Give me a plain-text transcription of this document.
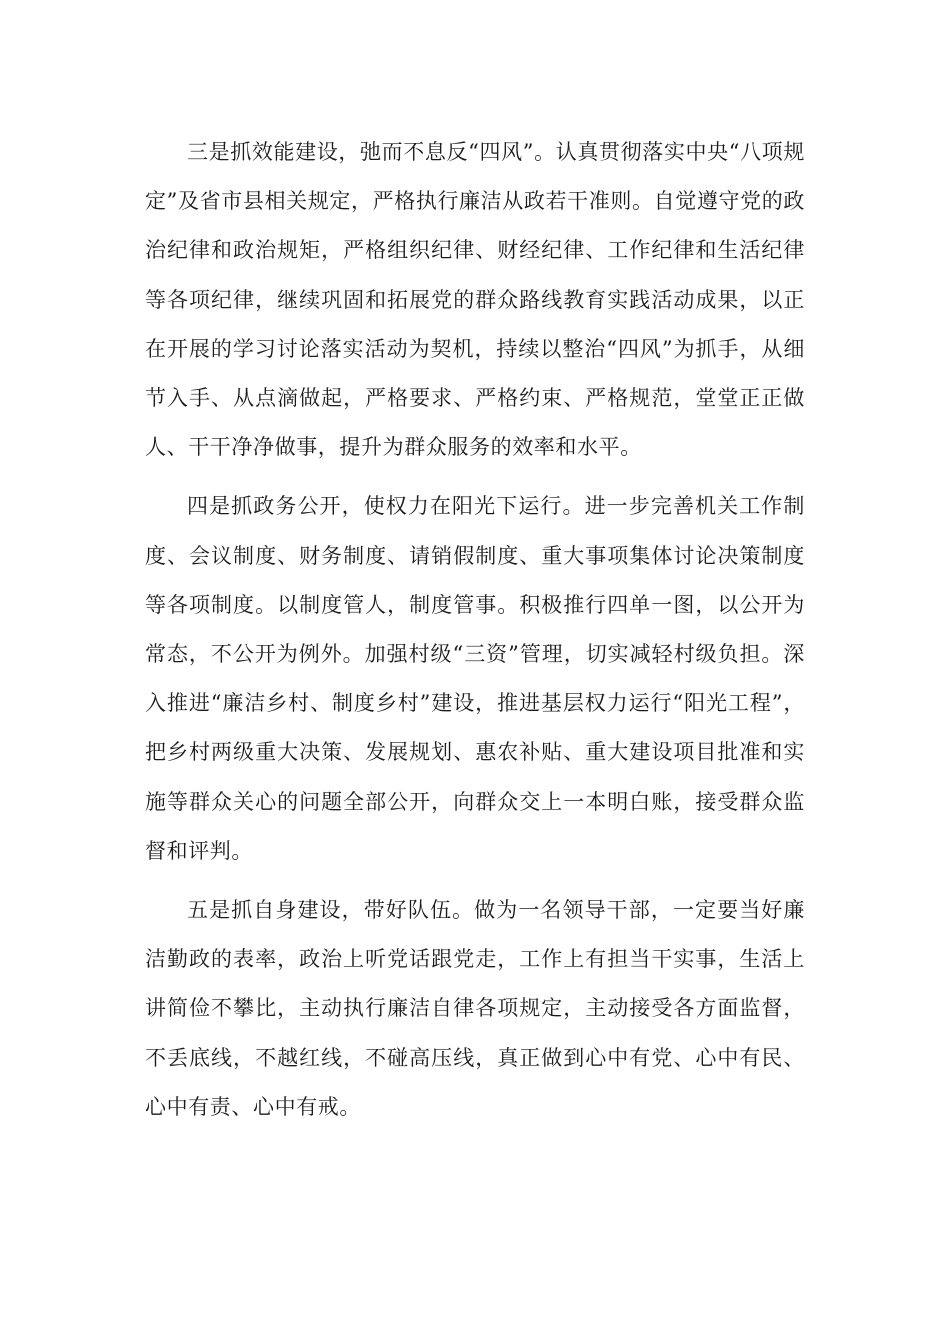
三是抓效能建设，弛而不息反“四风”。认真贯彻落实中央“八项规定”及省市县相关规定，严格执行廉洁从政若干准则。自觉遵守党的政治纪律和政治规矩，严格组织纪律、财经纪律、工作纪律和生活纪律等各项纪律，继续巩固和拓展党的群众路线教育实践活动成果，以正在开展的学习讨论落实活动为契机，持续以整治“四风”为抓手，从细节入手、从点滴做起，严格要求、严格约束、严格规范，堂堂正正做人、干干净净做事，提升为群众服务的效率和水平。

四是抓政务公开，使权力在阳光下运行。进一步完善机关工作制度、会议制度、财务制度、请销假制度、重大事项集体讨论决策制度等各项制度。以制度管人，制度管事。积极推行四单一图，以公开为常态，不公开为例外。加强村级“三资”管理，切实减轻村级负担。深入推进“廉洁乡村、制度乡村”建设，推进基层权力运行“阳光工程”，把乡村两级重大决策、发展规划、惠农补贴、重大建设项目批准和实施等群众关心的问题全部公开，向群众交上一本明白账，接受群众监督和评判。

五是抓自身建设，带好队伍。做为一名领导干部，一定要当好廉洁勤政的表率，政治上听党话跟党走，工作上有担当干实事，生活上讲简俭不攀比，主动执行廉洁自律各项规定，主动接受各方面监督，不丢底线，不越红线，不碰高压线，真正做到心中有党、心中有民、心中有责、心中有戒。
